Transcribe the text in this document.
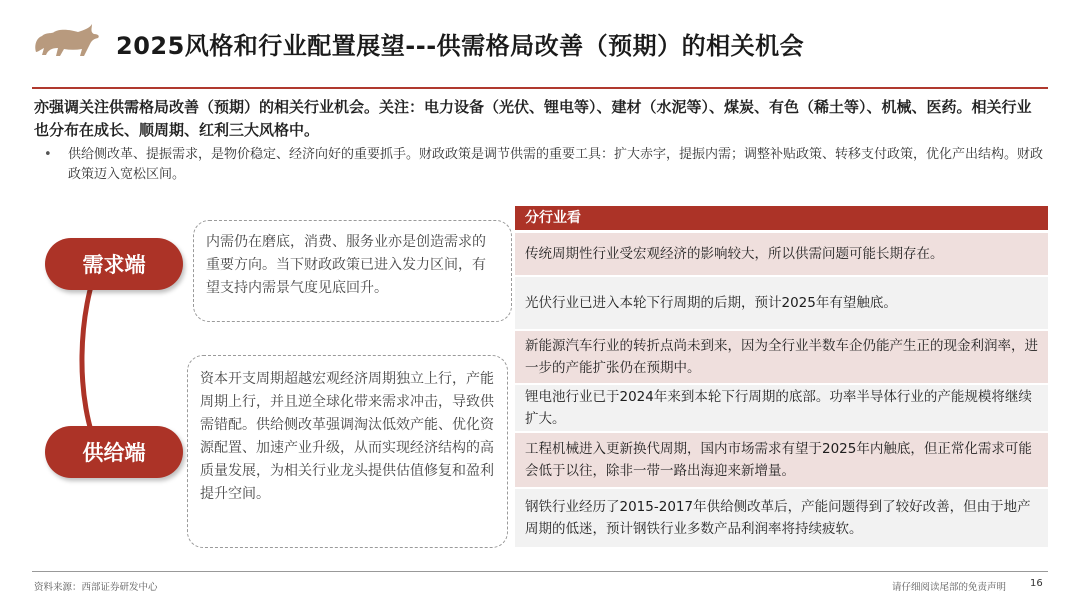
2025风格和行业配置展望---供需格局改善（预期）的相关机会
亦强调关注供需格局改善（预期）的相关行业机会。关注：电力设备（光伏、锂电等）、建材（水泥等）、煤炭、有色（稀土等）、机械、医药。相关行业也分布在成长、顺周期、红利三大风格中。
• 供给侧改革、提振需求，是物价稳定、经济向好的重要抓手。财政政策是调节供需的重要工具：扩大赤字，提振内需；调整补贴政策、转移支付政策，优化产出结构。财政政策迈入宽松区间。
需求端
供给端
内需仍在磨底，消费、服务业亦是创造需求的重要方向。当下财政政策已进入发力区间，有望支持内需景气度见底回升。
资本开支周期超越宏观经济周期独立上行，产能周期上行，并且逆全球化带来需求冲击，导致供需错配。供给侧改革强调淘汰低效产能、优化资源配置、加速产业升级，从而实现经济结构的高质量发展，为相关行业龙头提供估值修复和盈利提升空间。
分行业看
传统周期性行业受宏观经济的影响较大，所以供需问题可能长期存在。
光伏行业已进入本轮下行周期的后期，预计2025年有望触底。
新能源汽车行业的转折点尚未到来，因为全行业半数车企仍能产生正的现金利润率，进一步的产能扩张仍在预期中。
锂电池行业已于2024年来到本轮下行周期的底部。功率半导体行业的产能规模将继续扩大。
工程机械进入更新换代周期，国内市场需求有望于2025年内触底，但正常化需求可能会低于以往，除非一带一路出海迎来新增量。
钢铁行业经历了2015-2017年供给侧改革后，产能问题得到了较好改善，但由于地产周期的低迷，预计钢铁行业多数产品利润率将持续疲软。
资料来源：西部证券研发中心	请仔细阅读尾部的免责声明 16
